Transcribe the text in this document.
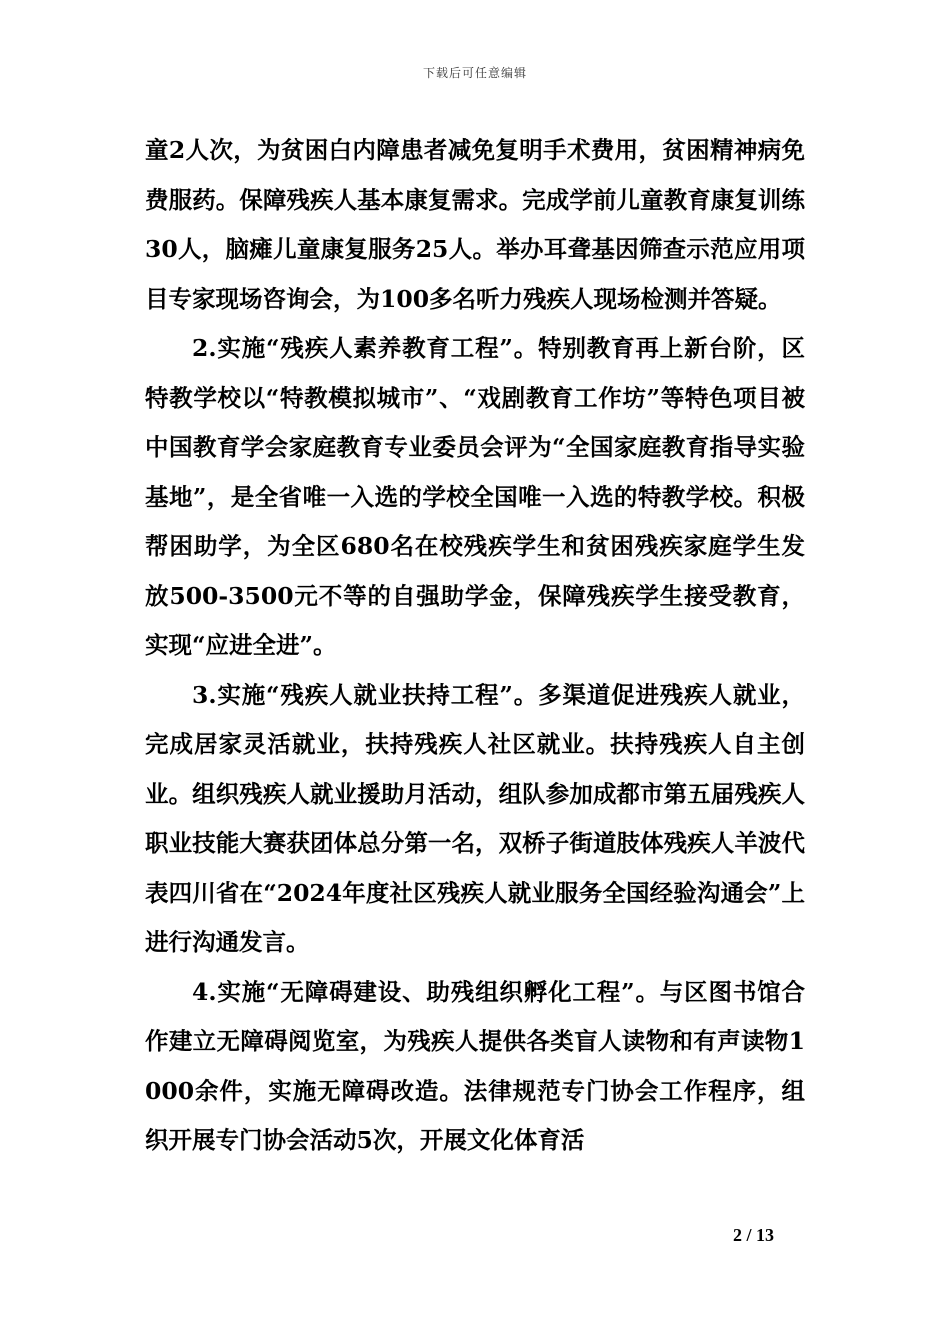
下载后可任意编辑

童2人次，为贫困白内障患者减免复明手术费用，贫困精神病免费服药。保障残疾人基本康复需求。完成学前儿童教育康复训练30人，脑瘫儿童康复服务25人。举办耳聋基因筛查示范应用项目专家现场咨询会，为100多名听力残疾人现场检测并答疑。

2.实施“残疾人素养教育工程”。特别教育再上新台阶，区特教学校以“特教模拟城市”、“戏剧教育工作坊”等特色项目被中国教育学会家庭教育专业委员会评为“全国家庭教育指导实验基地”，是全省唯一入选的学校全国唯一入选的特教学校。积极帮困助学，为全区680名在校残疾学生和贫困残疾家庭学生发放500-3500元不等的自强助学金，保障残疾学生接受教育，实现“应进全进”。

3.实施“残疾人就业扶持工程”。多渠道促进残疾人就业，完成居家灵活就业，扶持残疾人社区就业。扶持残疾人自主创业。组织残疾人就业援助月活动，组队参加成都市第五届残疾人职业技能大赛获团体总分第一名，双桥子街道肢体残疾人羊波代表四川省在“2024年度社区残疾人就业服务全国经验沟通会”上进行沟通发言。

4.实施“无障碍建设、助残组织孵化工程”。与区图书馆合作建立无障碍阅览室，为残疾人提供各类盲人读物和有声读物1000余件，实施无障碍改造。法律规范专门协会工作程序，组织开展专门协会活动5次，开展文化体育活

2 / 13
